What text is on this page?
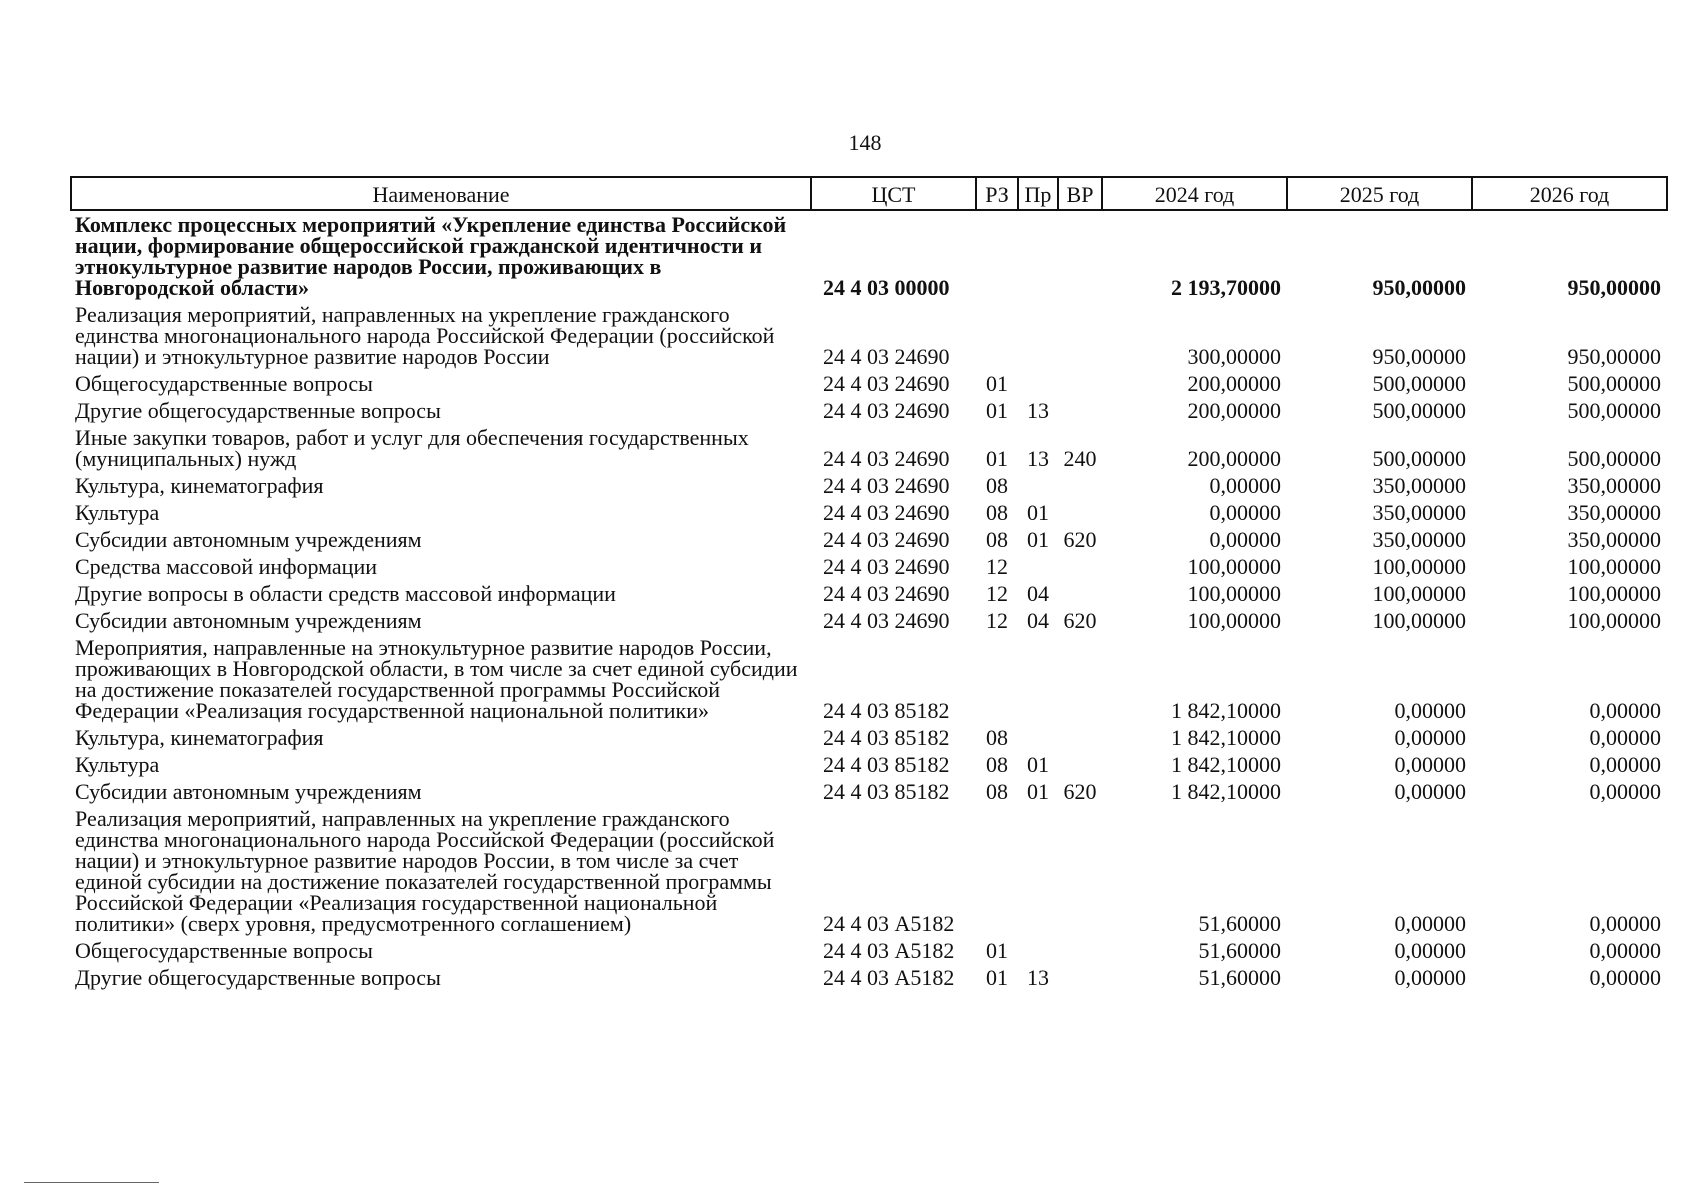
148
Наименование	ЦСТ	РЗ	Пр	ВР	2024 год	2025 год	2026 год
Комплекс процессных мероприятий «Укрепление единства Российской нации, формирование общероссийской гражданской идентичности и этнокультурное развитие народов России, проживающих в Новгородской области»	24 4 03 00000				2 193,70000	950,00000	950,00000
Реализация мероприятий, направленных на укрепление гражданского единства многонационального народа Российской Федерации (российской нации) и этнокультурное развитие народов России	24 4 03 24690				300,00000	950,00000	950,00000
Общегосударственные вопросы	24 4 03 24690	01			200,00000	500,00000	500,00000
Другие общегосударственные вопросы	24 4 03 24690	01	13		200,00000	500,00000	500,00000
Иные закупки товаров, работ и услуг для обеспечения государственных (муниципальных) нужд	24 4 03 24690	01	13	240	200,00000	500,00000	500,00000
Культура, кинематография	24 4 03 24690	08			0,00000	350,00000	350,00000
Культура	24 4 03 24690	08	01		0,00000	350,00000	350,00000
Субсидии автономным учреждениям	24 4 03 24690	08	01	620	0,00000	350,00000	350,00000
Средства массовой информации	24 4 03 24690	12			100,00000	100,00000	100,00000
Другие вопросы в области средств массовой информации	24 4 03 24690	12	04		100,00000	100,00000	100,00000
Субсидии автономным учреждениям	24 4 03 24690	12	04	620	100,00000	100,00000	100,00000
Мероприятия, направленные на этнокультурное развитие народов России, проживающих в Новгородской области, в том числе за счет единой субсидии на достижение показателей государственной программы Российской Федерации «Реализация государственной национальной политики»	24 4 03 85182				1 842,10000	0,00000	0,00000
Культура, кинематография	24 4 03 85182	08			1 842,10000	0,00000	0,00000
Культура	24 4 03 85182	08	01		1 842,10000	0,00000	0,00000
Субсидии автономным учреждениям	24 4 03 85182	08	01	620	1 842,10000	0,00000	0,00000
Реализация мероприятий, направленных на укрепление гражданского единства многонационального народа Российской Федерации (российской нации) и этнокультурное развитие народов России, в том числе за счет единой субсидии на достижение показателей государственной программы Российской Федерации «Реализация государственной национальной политики» (сверх уровня, предусмотренного соглашением)	24 4 03 А5182				51,60000	0,00000	0,00000
Общегосударственные вопросы	24 4 03 А5182	01			51,60000	0,00000	0,00000
Другие общегосударственные вопросы	24 4 03 А5182	01	13		51,60000	0,00000	0,00000
